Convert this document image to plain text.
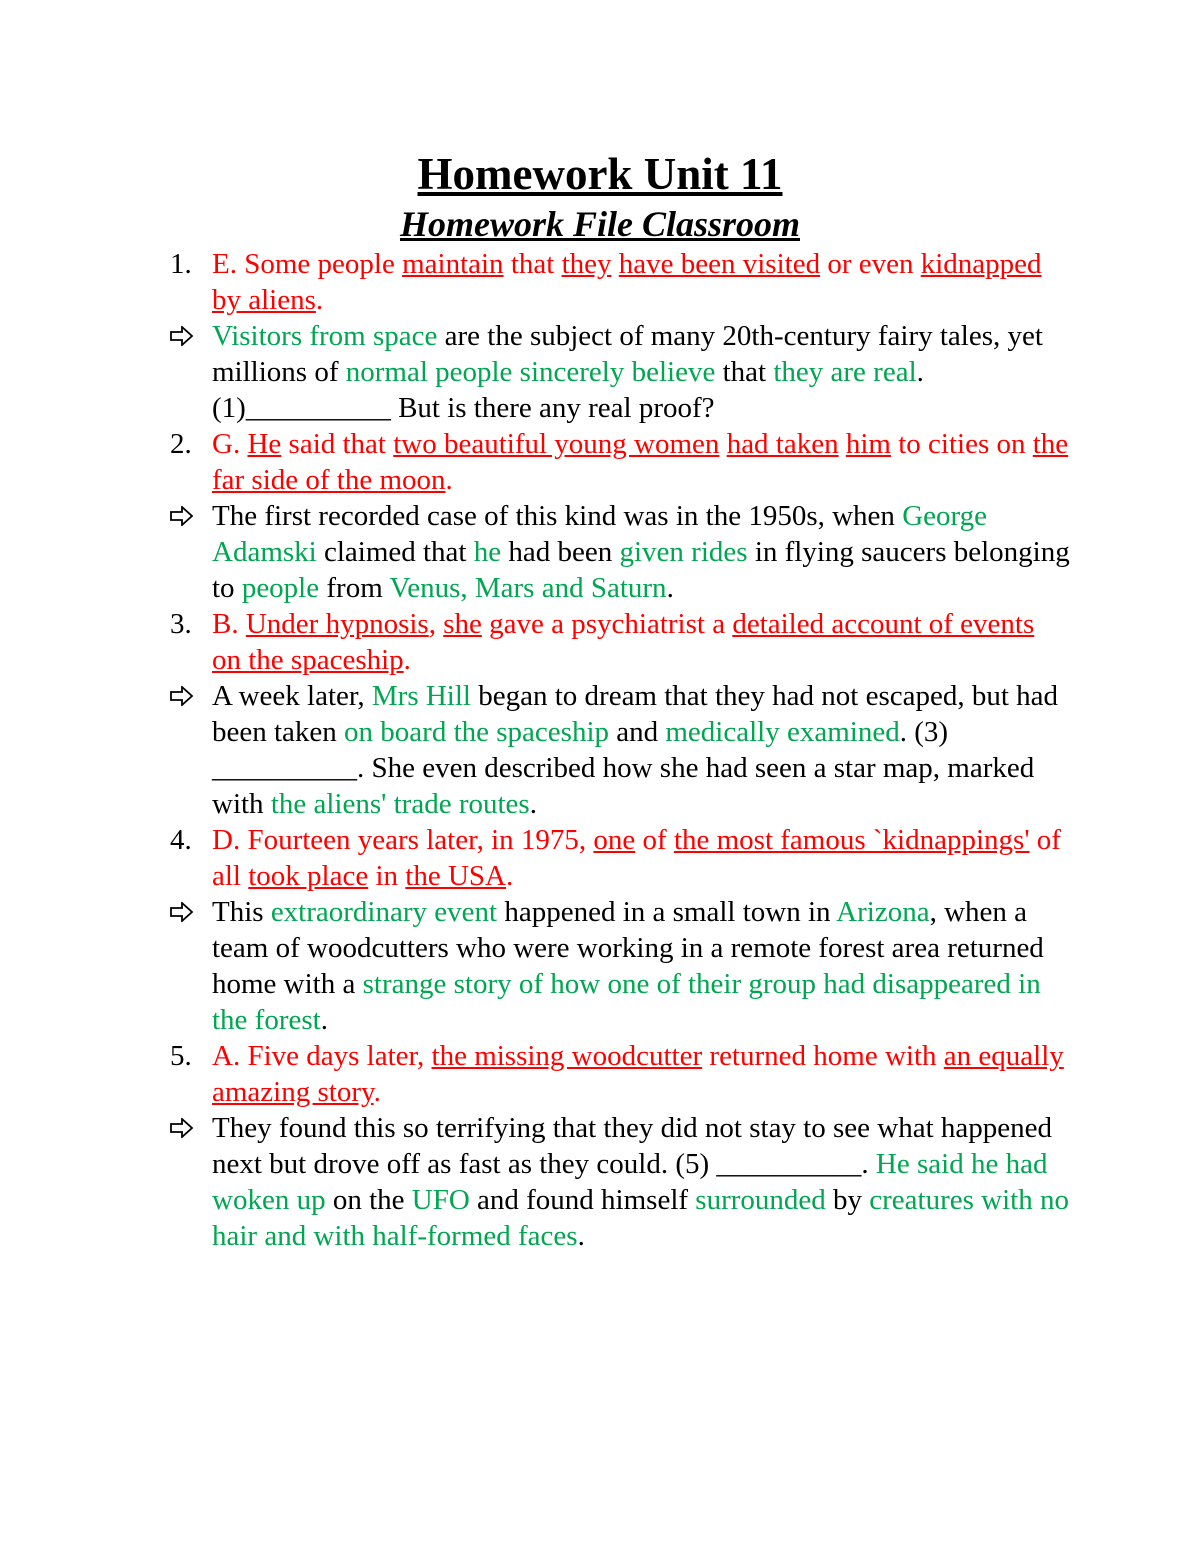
Homework Unit 11
Homework File Classroom
1. E. Some people maintain that they have been visited or even kidnapped by aliens.
Visitors from space are the subject of many 20th-century fairy tales, yet millions of normal people sincerely believe that they are real. (1)__________ But is there any real proof?
2. G. He said that two beautiful young women had taken him to cities on the far side of the moon.
The first recorded case of this kind was in the 1950s, when George Adamski claimed that he had been given rides in flying saucers belonging to people from Venus, Mars and Saturn.
3. B. Under hypnosis, she gave a psychiatrist a detailed account of events on the spaceship.
A week later, Mrs Hill began to dream that they had not escaped, but had been taken on board the spaceship and medically examined. (3) __________. She even described how she had seen a star map, marked with the aliens' trade routes.
4. D. Fourteen years later, in 1975, one of the most famous `kidnappings' of all took place in the USA.
This extraordinary event happened in a small town in Arizona, when a team of woodcutters who were working in a remote forest area returned home with a strange story of how one of their group had disappeared in the forest.
5. A. Five days later, the missing woodcutter returned home with an equally amazing story.
They found this so terrifying that they did not stay to see what happened next but drove off as fast as they could. (5) __________. He said he had woken up on the UFO and found himself surrounded by creatures with no hair and with half-formed faces.
